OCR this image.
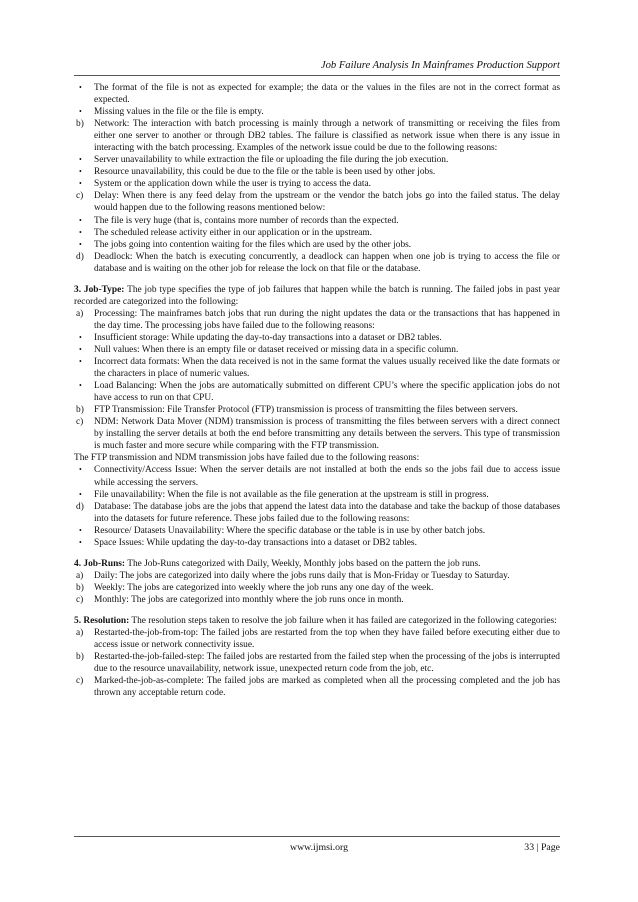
Job Failure Analysis In Mainframes Production Support
• The format of the file is not as expected for example; the data or the values in the files are not in the correct format as expected.
• Missing values in the file or the file is empty.
b) Network: The interaction with batch processing is mainly through a network of transmitting or receiving the files from either one server to another or through DB2 tables. The failure is classified as network issue when there is any issue in interacting with the batch processing. Examples of the network issue could be due to the following reasons:
• Server unavailability to while extraction the file or uploading the file during the job execution.
• Resource unavailability, this could be due to the file or the table is been used by other jobs.
• System or the application down while the user is trying to access the data.
c) Delay: When there is any feed delay from the upstream or the vendor the batch jobs go into the failed status. The delay would happen due to the following reasons mentioned below:
• The file is very huge (that is, contains more number of records than the expected.
• The scheduled release activity either in our application or in the upstream.
• The jobs going into contention waiting for the files which are used by the other jobs.
d) Deadlock: When the batch is executing concurrently, a deadlock can happen when one job is trying to access the file or database and is waiting on the other job for release the lock on that file or the database.

3. Job-Type: The job type specifies the type of job failures that happen while the batch is running. The failed jobs in past year recorded are categorized into the following:

a) Processing: The mainframes batch jobs that run during the night updates the data or the transactions that has happened in the day time. The processing jobs have failed due to the following reasons:
• Insufficient storage: While updating the day-to-day transactions into a dataset or DB2 tables.
• Null values: When there is an empty file or dataset received or missing data in a specific column.
• Incorrect data formats: When the data received is not in the same format the values usually received like the date formats or the characters in place of numeric values.
• Load Balancing: When the jobs are automatically submitted on different CPU’s where the specific application jobs do not have access to run on that CPU.
b) FTP Transmission: File Transfer Protocol (FTP) transmission is process of transmitting the files between servers.
c) NDM: Network Data Mover (NDM) transmission is process of transmitting the files between servers with a direct connect by installing the server details at both the end before transmitting any details between the servers. This type of transmission is much faster and more secure while comparing with the FTP transmission.

The FTP transmission and NDM transmission jobs have failed due to the following reasons:

• Connectivity/Access Issue: When the server details are not installed at both the ends so the jobs fail due to access issue while accessing the servers.
• File unavailability: When the file is not available as the file generation at the upstream is still in progress.
d) Database: The database jobs are the jobs that append the latest data into the database and take the backup of those databases into the datasets for future reference. These jobs failed due to the following reasons:
• Resource/ Datasets Unavailability: Where the specific database or the table is in use by other batch jobs.
• Space Issues: While updating the day-to-day transactions into a dataset or DB2 tables.

4. Job-Runs: The Job-Runs categorized with Daily, Weekly, Monthly jobs based on the pattern the job runs.

a) Daily: The jobs are categorized into daily where the jobs runs daily that is Mon-Friday or Tuesday to Saturday.
b) Weekly: The jobs are categorized into weekly where the job runs any one day of the week.
c) Monthly: The jobs are categorized into monthly where the job runs once in month.

5. Resolution: The resolution steps taken to resolve the job failure when it has failed are categorized in the following categories:

a) Restarted-the-job-from-top: The failed jobs are restarted from the top when they have failed before executing either due to access issue or network connectivity issue.
b) Restarted-the-job-failed-step: The failed jobs are restarted from the failed step when the processing of the jobs is interrupted due to the resource unavailability, network issue, unexpected return code from the job, etc.
c) Marked-the-job-as-complete: The failed jobs are marked as completed when all the processing completed and the job has thrown any acceptable return code.
www.ijmsi.org	33 | Page
